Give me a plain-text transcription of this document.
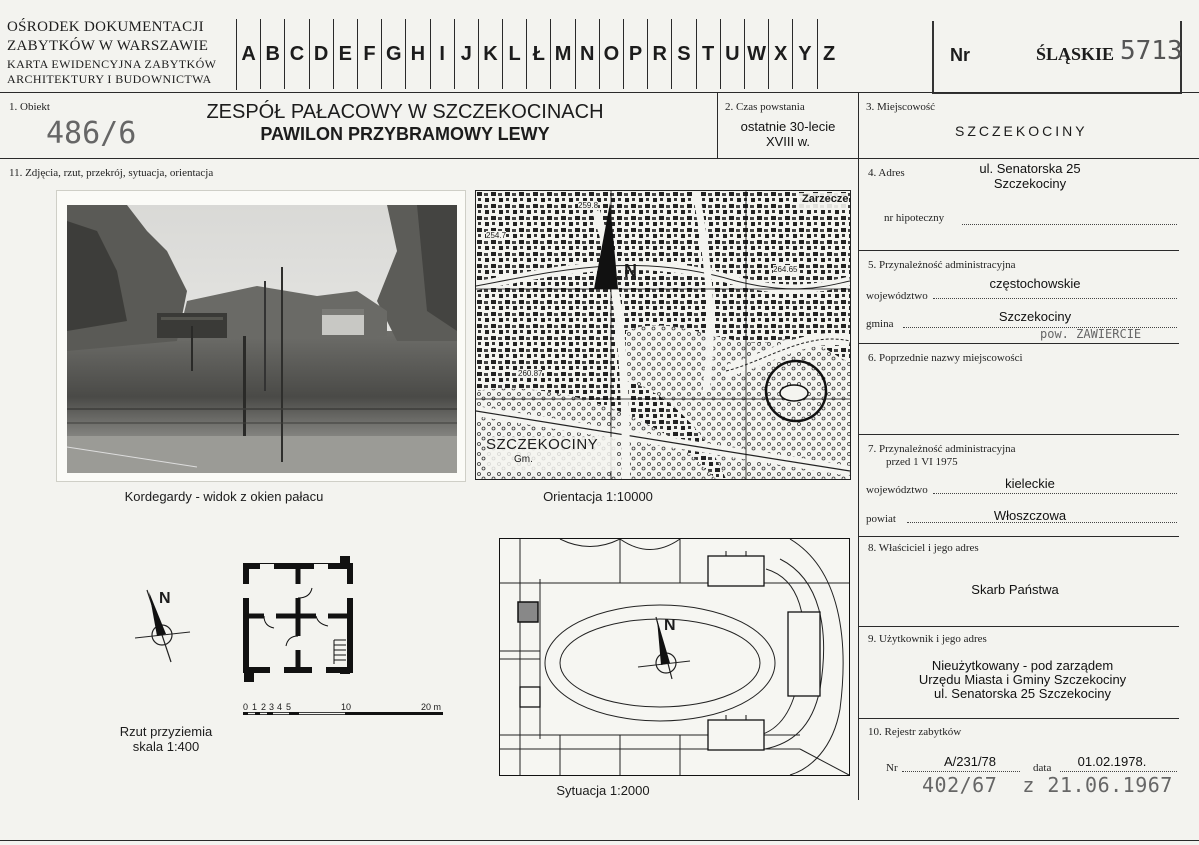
OŚRODEK DOKUMENTACJI
ZABYTKÓW W WARSZAWIE
KARTA EWIDENCYJNA ZABYTKÓW
ARCHITEKTURY I BUDOWNICTWA
A B C D E F G H I J K L Ł M N O P R S T U W X Y Z	Nr	ŚLĄSKIE 5713
1. Obiekt
486/6
ZESPÓŁ PAŁACOWY W SZCZEKOCINACH
PAWILON PRZYBRAMOWY LEWY
2. Czas powstania
ostatnie 30-lecie
XVIII w.
3. Miejscowość
SZCZEKOCINY
11. Zdjęcia, rzut, przekrój, sytuacja, orientacja
Kordegardy - widok z okien pałacu
N
SZCZEKOCINY
Gm.
Zarzecze
259.8
254.7
264.65
260.87
Orientacja 1:10000
N
0 1 2 3 4 5	10	20 m
Rzut przyziemia
skala 1:400
N
Sytuacja 1:2000
4. Adres	ul. Senatorska 25
Szczekociny
nr hipoteczny
5. Przynależność administracyjna
województwo
częstochowskie
gmina	Szczekociny
pow. ZAWIERCIE
6. Poprzednie nazwy miejscowości
7. Przynależność administracyjna
przed 1 VI 1975
województwo	kieleckie
powiat	Włoszczowa
8. Właściciel i jego adres
Skarb Państwa
9. Użytkownik i jego adres
Nieużytkowany - pod zarządem
Urzędu Miasta i Gminy Szczekociny
ul. Senatorska 25 Szczekociny
10. Rejestr zabytków
Nr	A/231/78	data	01.02.1978.
402/67  z 21.06.1967
